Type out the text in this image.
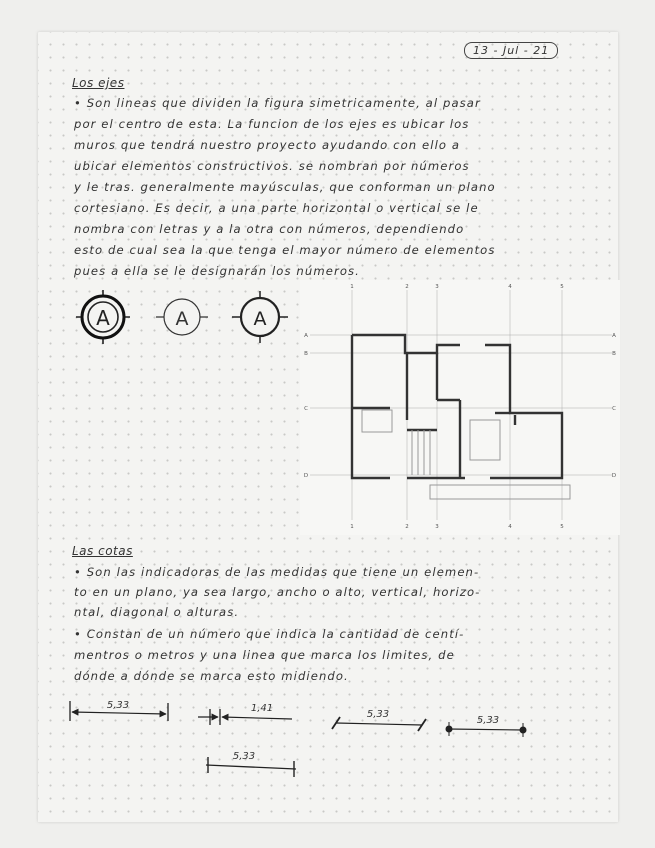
Los ejes
13 - Jul - 21
• Son lineas que dividen la figura simetricamente, al pasar
por el centro de esta. La funcion de los ejes es ubicar los
muros que tendrá nuestro proyecto ayudando con ello a
ubicar elementos constructivos. se nombran por números
y le tras. generalmente mayúsculas, que conforman un plano
cortesiano. Es decir, a una parte horizontal o vertical se le
nombra con letras y a la otra con números, dependiendo
esto de cual sea la que tenga el mayor número de elementos
pues a ella se le designarán los números.
A	A	A
1	2	3	4	5
1	2	3	4	5
A
B
C
D
A
B
C
D
Las cotas
• Son las indicadoras de las medidas que tiene un elemen-
to en un plano, ya sea largo, ancho o alto, vertical, horizo-
ntal, diagonal o alturas.
• Constan de un número que indica la cantidad de centí-
mentros o metros y una linea que marca los limites, de
dónde a dónde se marca esto midiendo.
5,33	1,41
5,33
5,33
5,33
